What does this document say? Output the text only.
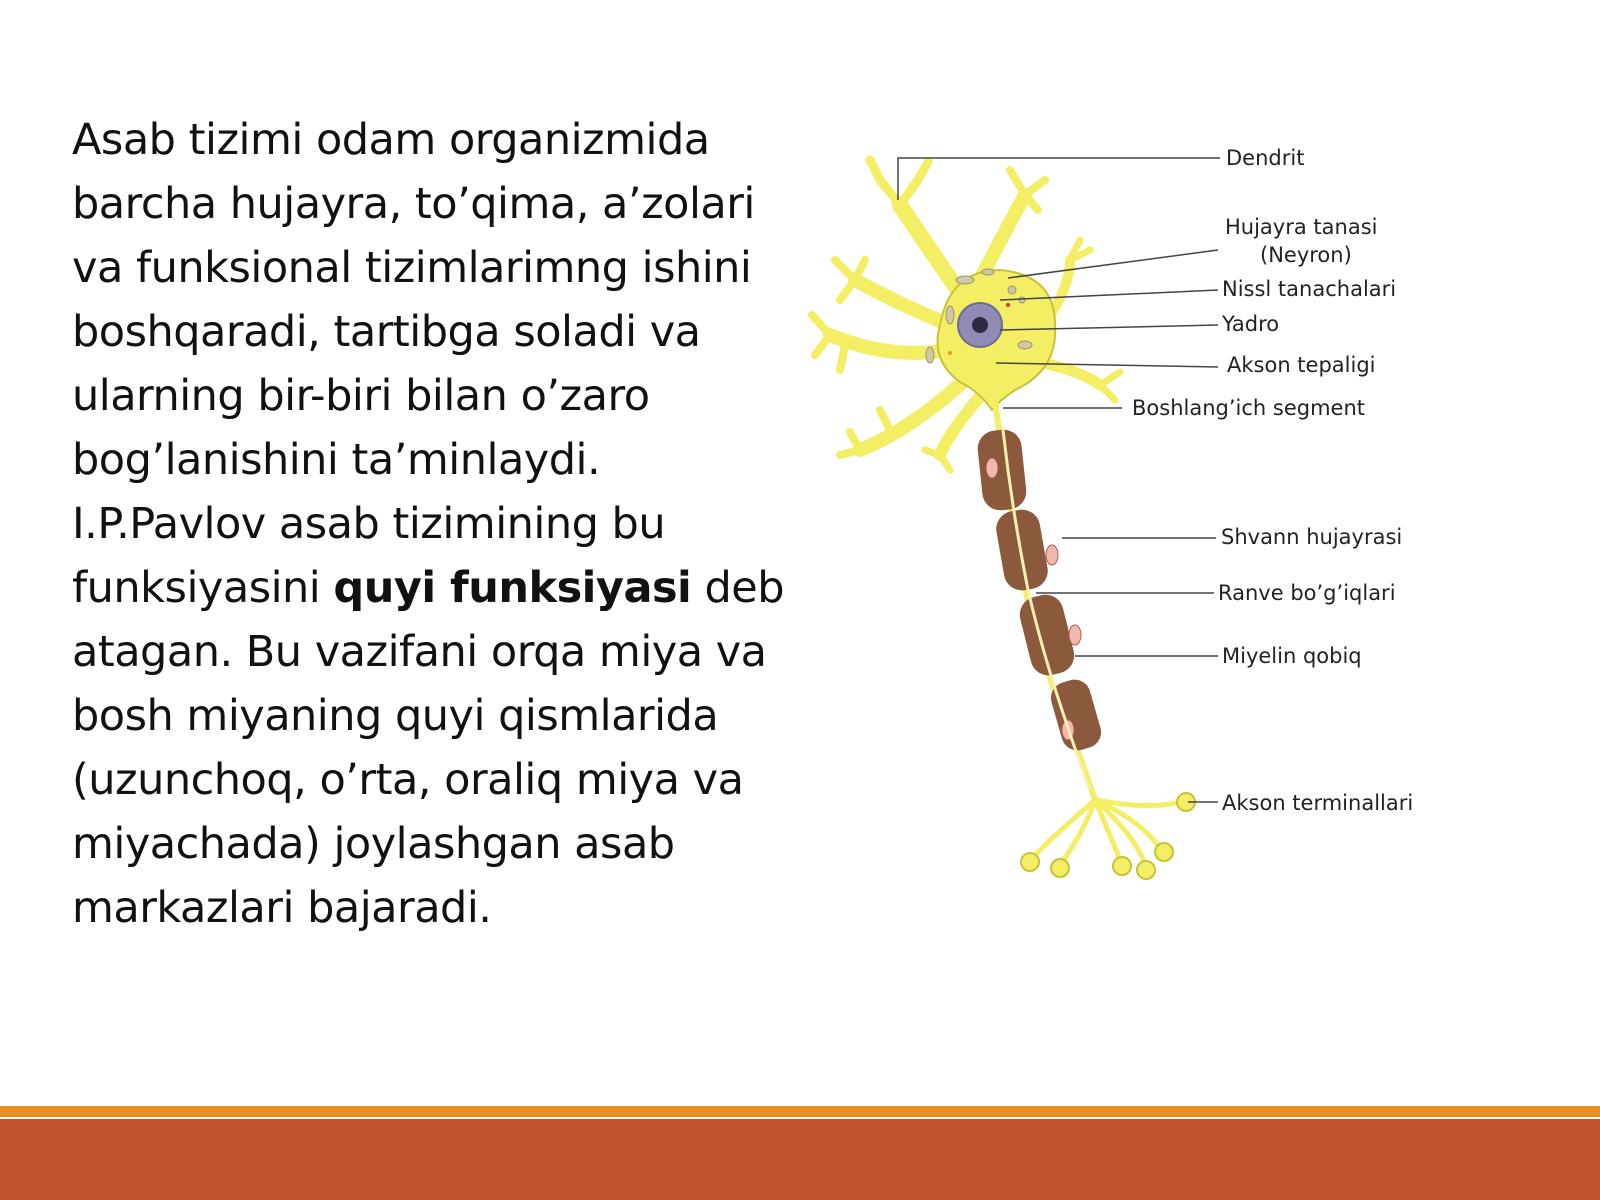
Asab tizimi odam organizmida
barcha hujayra, to’qima, a’zolari
va funksional tizimlarimng ishini
boshqaradi, tartibga soladi va
ularning bir-biri bilan o’zaro
bog’lanishini ta’minlaydi.
I.P.Pavlov asab tizimining bu
funksiyasini quyi funksiyasi deb
atagan. Bu vazifani orqa miya va
bosh miyaning quyi qismlarida
(uzunchoq, o’rta, oraliq miya va
miyachada) joylashgan asab
markazlari bajaradi.
Dendrit
Hujayra tanasi
(Neyron)
Nissl tanachalari
Yadro
Akson tepaligi
Boshlang’ich segment
Shvann hujayrasi
Ranve bo’g’iqlari
Miyelin qobiq
Akson terminallari
